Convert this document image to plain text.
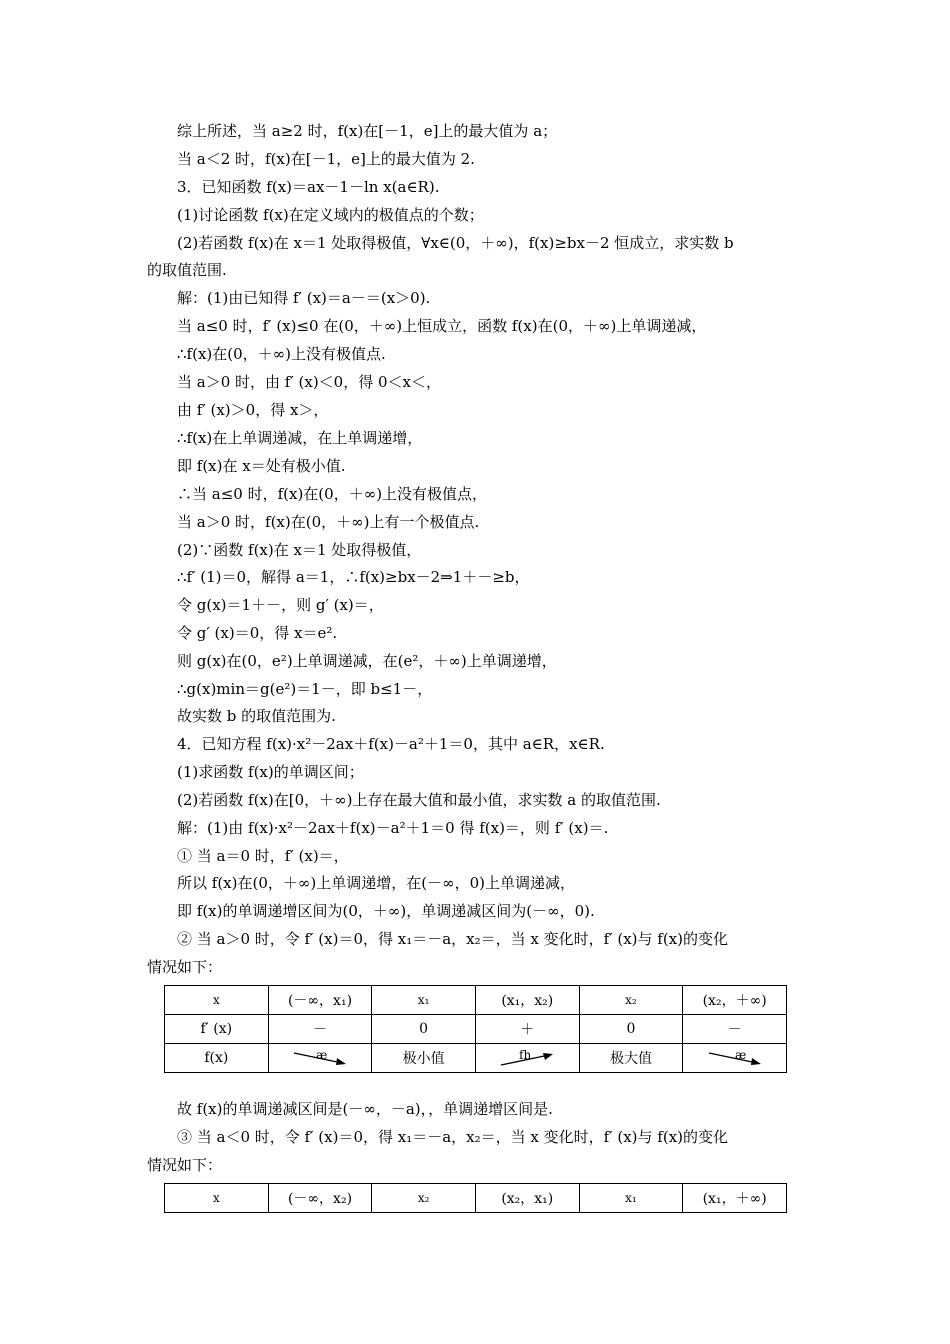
综上所述，当 a≥2 时，f(x)在[－1，e]上的最大值为 a；
当 a＜2 时，f(x)在[－1，e]上的最大值为 2.
3．已知函数 f(x)＝ax－1－ln x(a∈R).
(1)讨论函数 f(x)在定义域内的极值点的个数；
(2)若函数 f(x)在 x＝1 处取得极值，∀x∈(0，＋∞)，f(x)≥bx－2 恒成立，求实数 b
的取值范围.
解：(1)由已知得 f′ (x)＝a－＝(x＞0).
当 a≤0 时，f′ (x)≤0 在(0，＋∞)上恒成立，函数 f(x)在(0，＋∞)上单调递减，
∴f(x)在(0，＋∞)上没有极值点.
当 a＞0 时，由 f′ (x)＜0，得 0＜x＜，
由 f′ (x)＞0，得 x＞，
∴f(x)在上单调递减，在上单调递增，
即 f(x)在 x＝处有极小值.
∴当 a≤0 时，f(x)在(0，＋∞)上没有极值点，
当 a＞0 时，f(x)在(0，＋∞)上有一个极值点.
(2)∵函数 f(x)在 x＝1 处取得极值，
∴f′ (1)＝0，解得 a＝1，∴f(x)≥bx－2⇒1＋－≥b，
令 g(x)＝1＋－，则 g′ (x)＝，
令 g′ (x)＝0，得 x＝e².
则 g(x)在(0，e²)上单调递减，在(e²，＋∞)上单调递增，
∴g(x)min＝g(e²)＝1－，即 b≤1－，
故实数 b 的取值范围为.
4．已知方程 f(x)·x²－2ax＋f(x)－a²＋1＝0，其中 a∈R，x∈R.
(1)求函数 f(x)的单调区间；
(2)若函数 f(x)在[0，＋∞)上存在最大值和最小值，求实数 a 的取值范围.
解：(1)由 f(x)·x²－2ax＋f(x)－a²＋1＝0 得 f(x)＝，则 f′ (x)＝.
① 当 a＝0 时，f′ (x)＝，
所以 f(x)在(0，＋∞)上单调递增，在(－∞，0)上单调递减，
即 f(x)的单调递增区间为(0，＋∞)，单调递减区间为(－∞，0).
② 当 a＞0 时，令 f′ (x)＝0，得 x₁＝－a，x₂＝，当 x 变化时，f′ (x)与 f(x)的变化
情况如下：
x	(－∞，x₁)	x₁	(x₁，x₂)	x₂	(x₂，＋∞)
f′ (x)	－	0	＋	0	－
f(x)	æ	极小值	fh	极大值	æ
故 f(x)的单调递减区间是(－∞，－a)，，单调递增区间是.
③ 当 a＜0 时，令 f′ (x)＝0，得 x₁＝－a，x₂＝，当 x 变化时，f′ (x)与 f(x)的变化
情况如下：
x	(－∞，x₂)	x₂	(x₂，x₁)	x₁	(x₁，＋∞)
